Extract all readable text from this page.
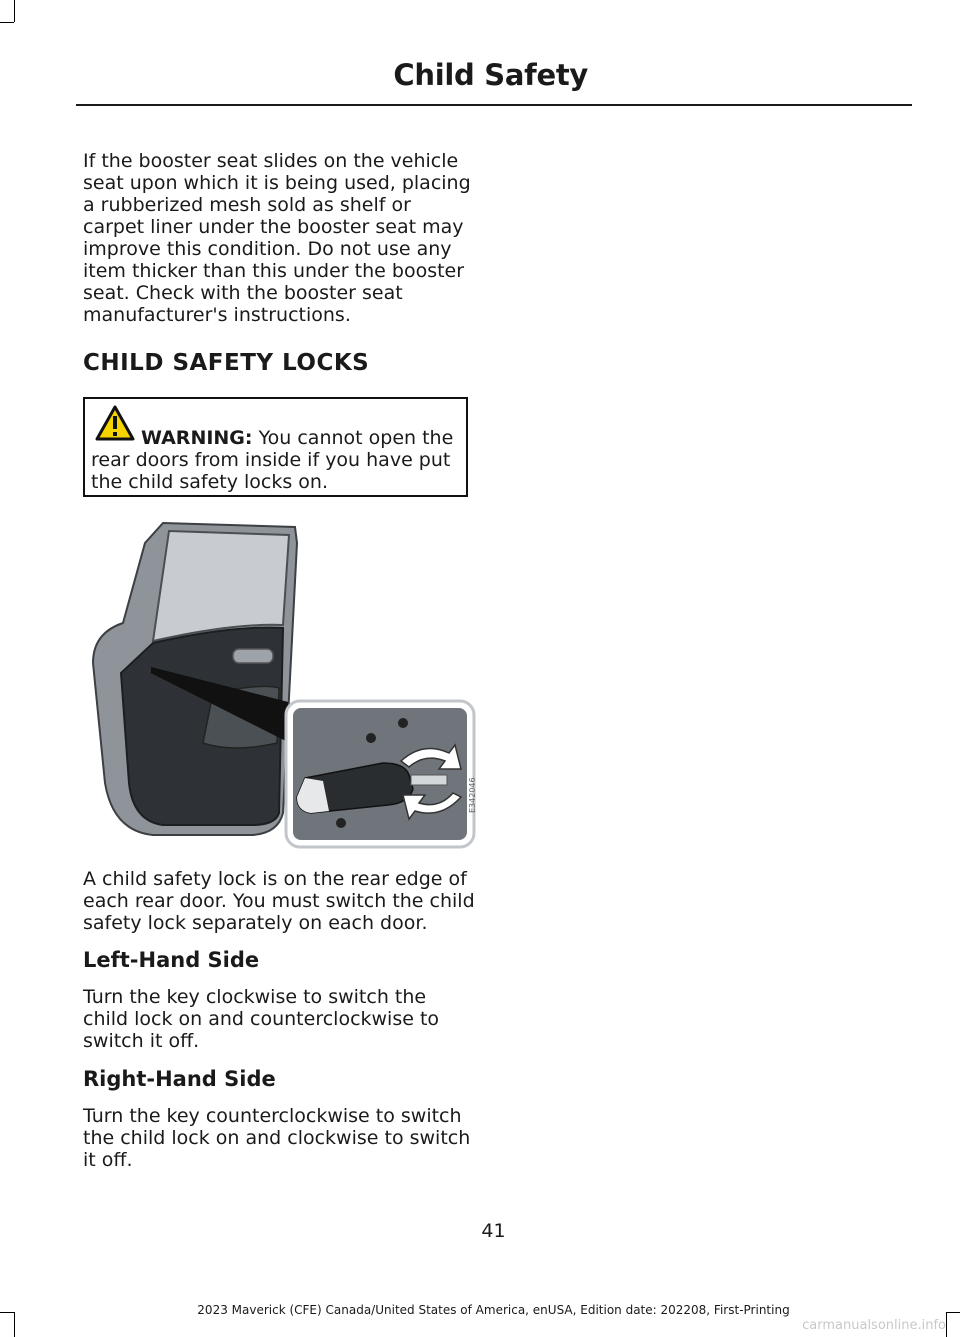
Child Safety

If the booster seat slides on the vehicle seat upon which it is being used, placing a rubberized mesh sold as shelf or carpet liner under the booster seat may improve this condition. Do not use any item thicker than this under the booster seat. Check with the booster seat manufacturer's instructions.

CHILD SAFETY LOCKS
WARNING: You cannot open the rear doors from inside if you have put the child safety locks on.
E342046

A child safety lock is on the rear edge of each rear door. You must switch the child safety lock separately on each door.

Left-Hand Side

Turn the key clockwise to switch the child lock on and counterclockwise to switch it off.

Right-Hand Side

Turn the key counterclockwise to switch the child lock on and clockwise to switch it off.

41
2023 Maverick (CFE) Canada/United States of America, enUSA, Edition date: 202208, First-Printing
carmanualsonline.info
